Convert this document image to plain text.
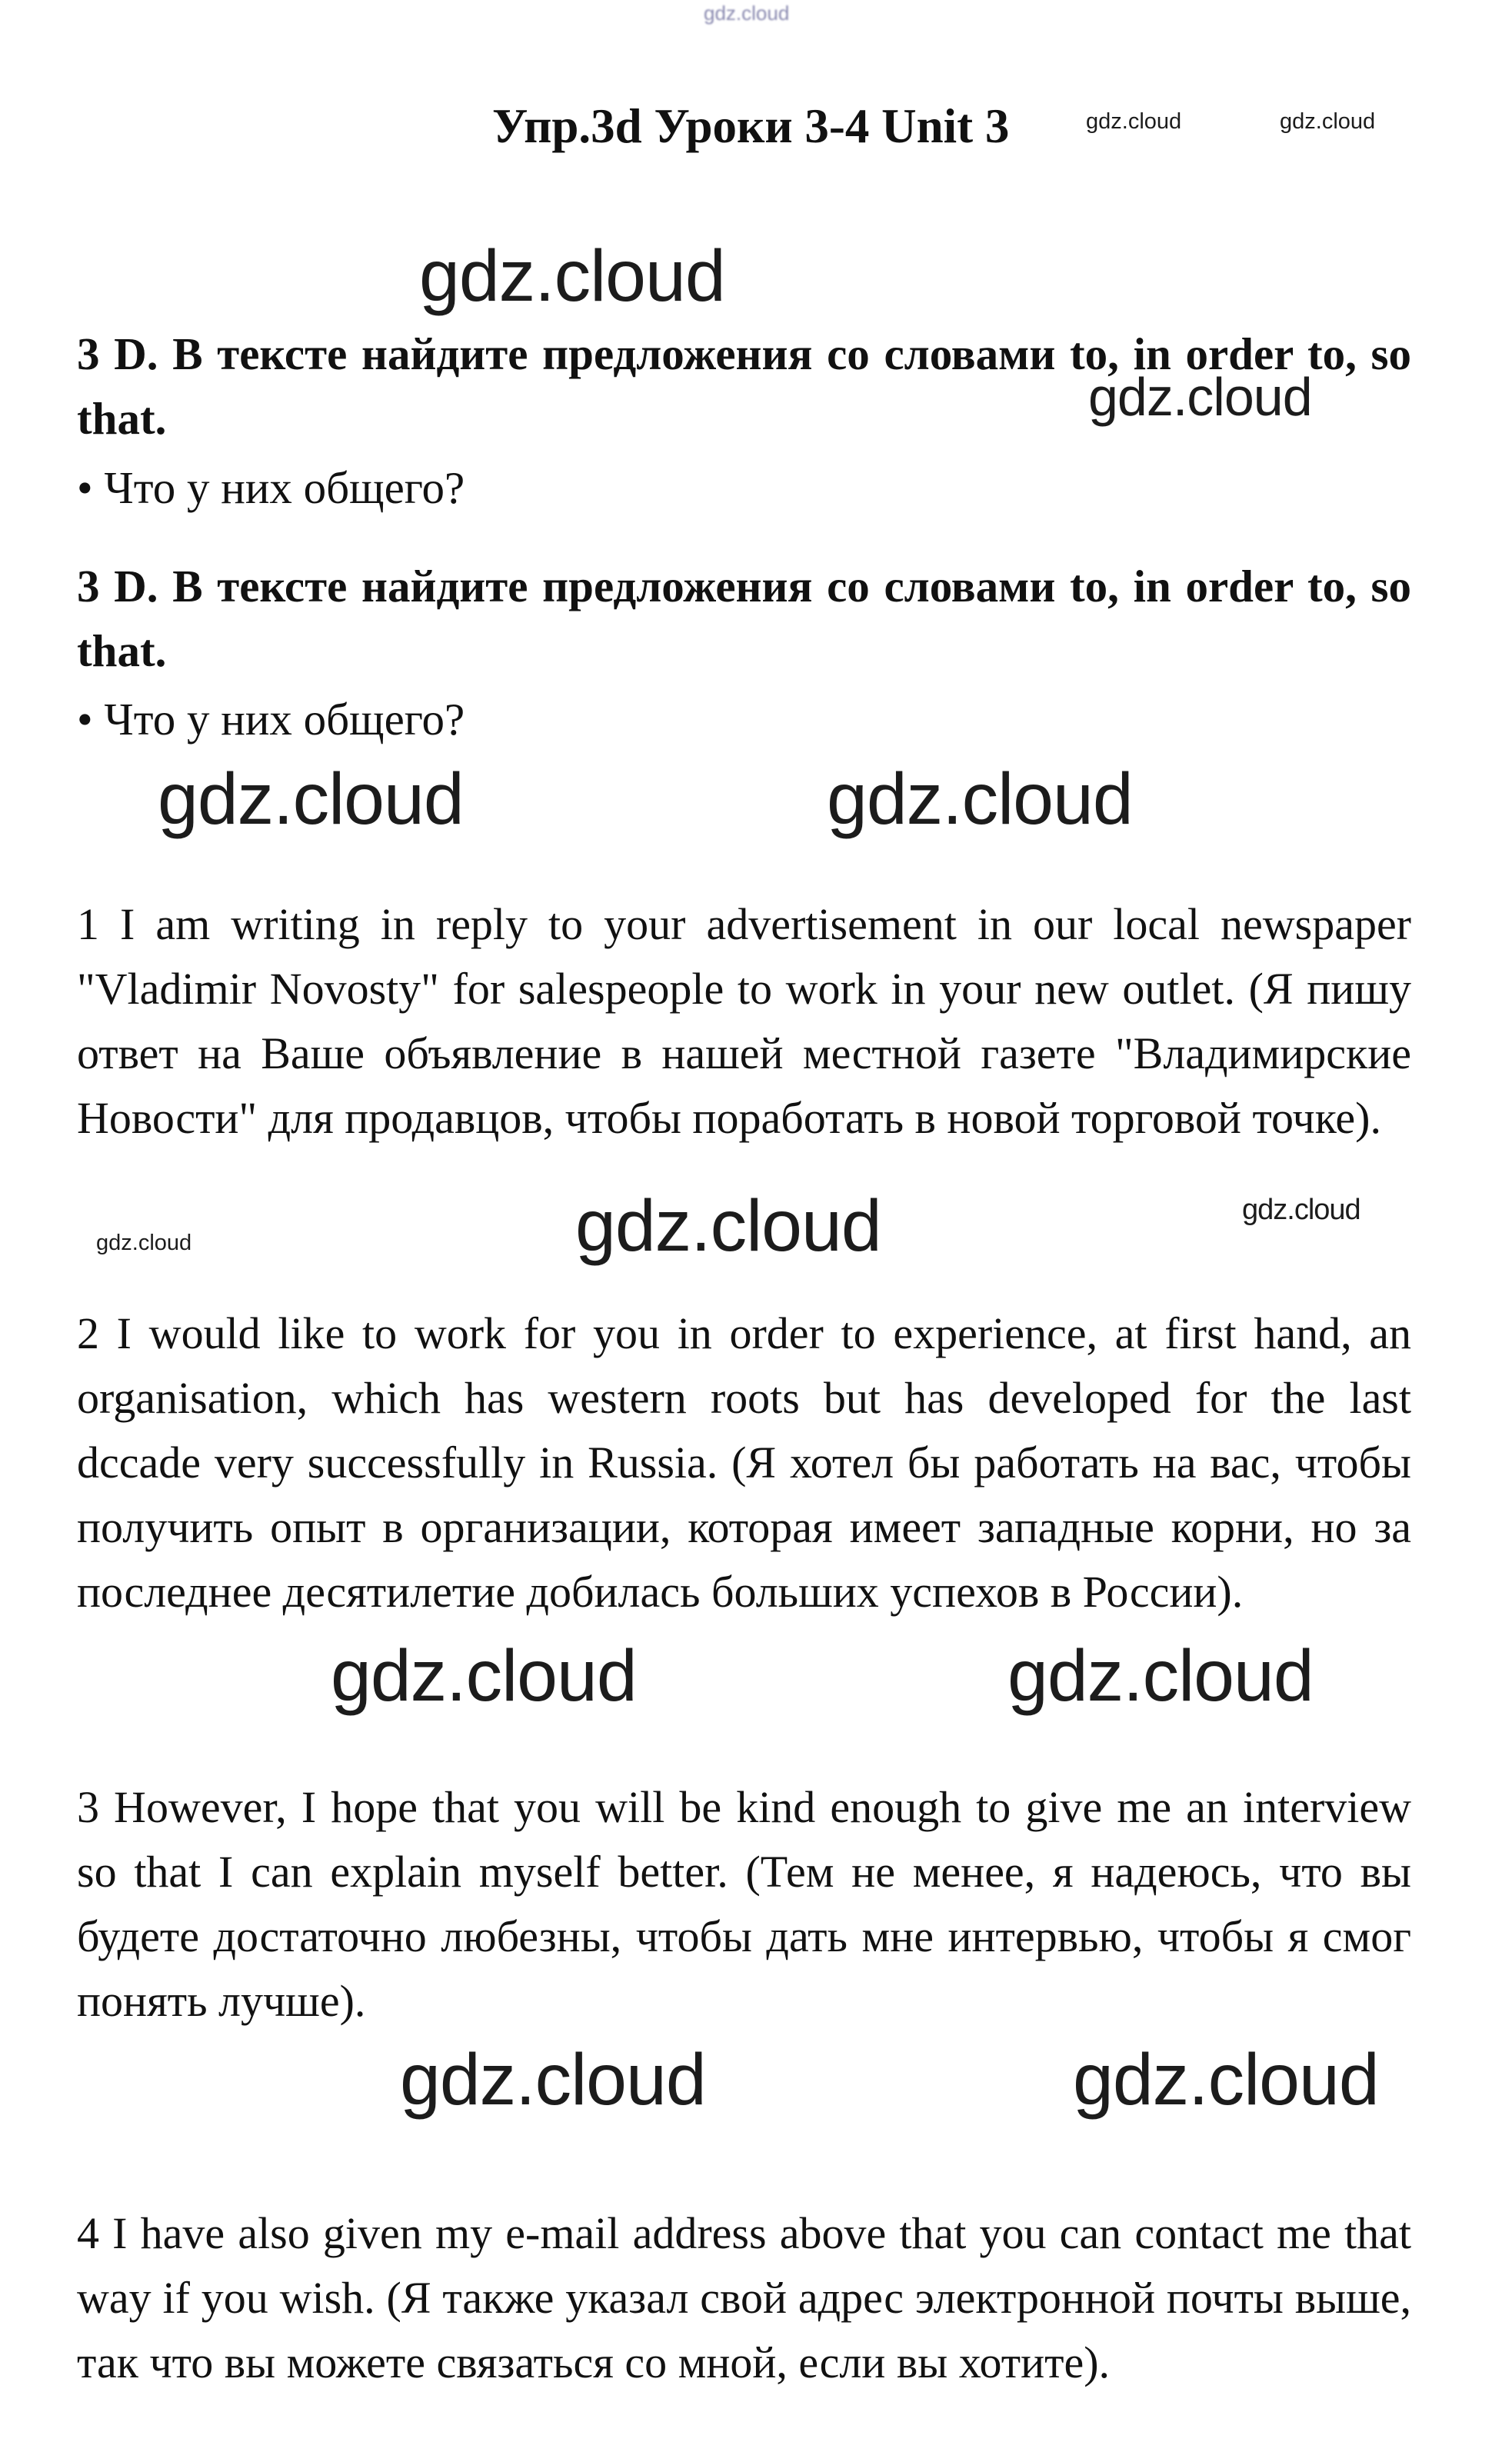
gdz.cloud
Упр.3d Уроки 3-4 Unit 3	gdz.cloud	gdz.cloud
gdz.cloud
3 D. В тексте найдите предложения со словами to, in order to, so that.	gdz.cloud
• Что у них общего?
3 D. В тексте найдите предложения со словами to, in order to, so that.
• Что у них общего?
gdz.cloud	gdz.cloud
1 I am writing in reply to your advertisement in our local newspaper "Vladimir Novosty" for salespeople to work in your new outlet. (Я пишу ответ на Ваше объявление в нашей местной газете "Владимирские Новости" для продавцов, чтобы поработать в новой торговой точке).
gdz.cloud	gdz.cloud	gdz.cloud
2 I would like to work for you in order to experience, at first hand, an organisation, which has western roots but has developed for the last dccade very successfully in Russia. (Я хотел бы работать на вас, чтобы получить опыт в организации, которая имеет западные корни, но за последнее десятилетие добилась больших успехов в России).
gdz.cloud	gdz.cloud
3 However, I hope that you will be kind enough to give me an interview so that I can explain myself better. (Тем не менее, я надеюсь, что вы будете достаточно любезны, чтобы дать мне интервью, чтобы я смог понять лучше).
gdz.cloud	gdz.cloud
4 I have also given my e-mail address above that you can contact me that way if you wish. (Я также указал свой адрес электронной почты выше, так что вы можете связаться со мной, если вы хотите).
